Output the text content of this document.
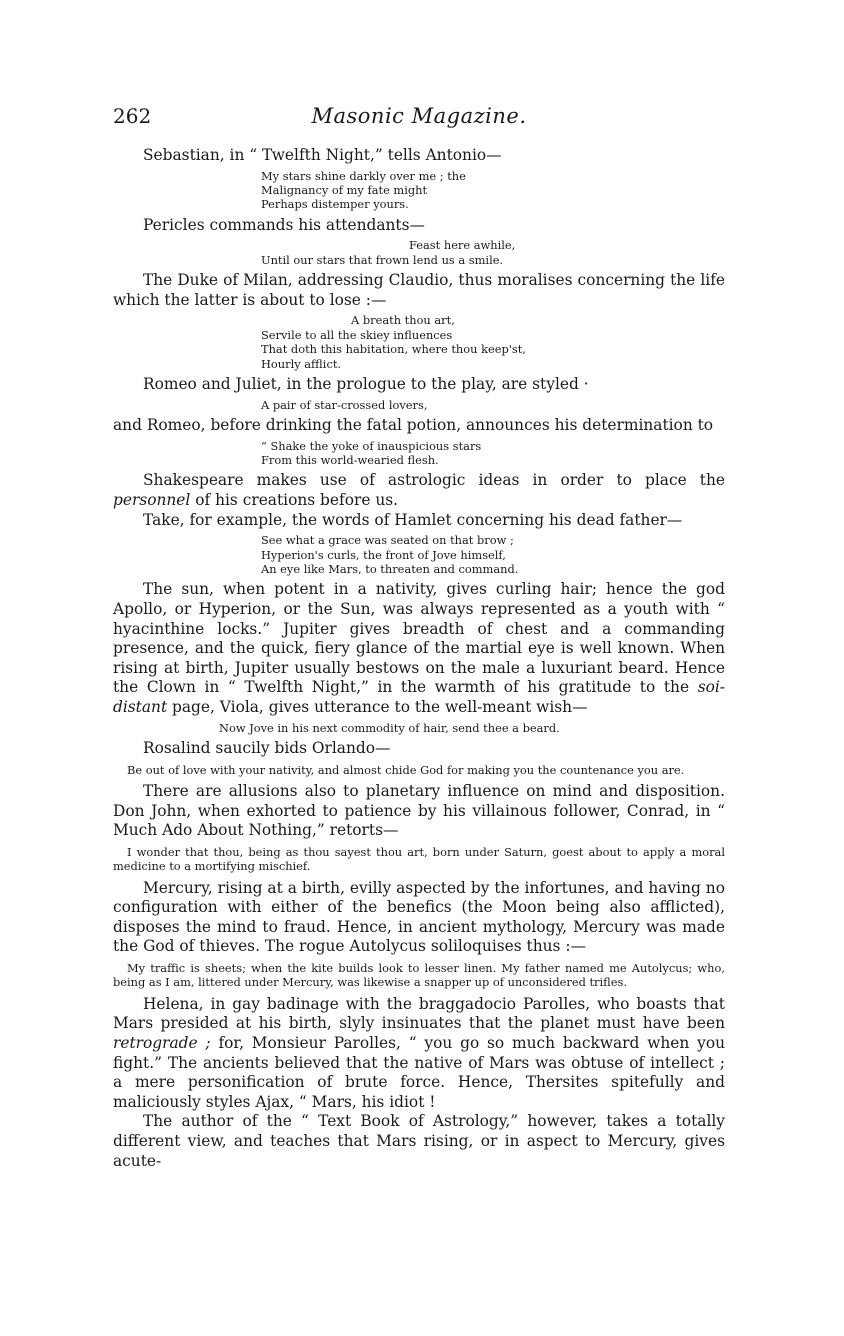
262	Masonic Magazine.

Sebastian, in “ Twelfth Night,” tells Antonio—

My stars shine darkly over me ; the
Malignancy of my fate might
Perhaps distemper yours.

Pericles commands his attendants—

Feast here awhile,
Until our stars that frown lend us a smile.

The Duke of Milan, addressing Claudio, thus moralises concerning the life which the latter is about to lose :—

A breath thou art,
Servile to all the skiey influences
That doth this habitation, where thou keep'st,
Hourly afflict.

Romeo and Juliet, in the prologue to the play, are styled ·

A pair of star-crossed lovers,

and Romeo, before drinking the fatal potion, announces his determination to

“ Shake the yoke of inauspicious stars
From this world-wearied flesh.

Shakespeare makes use of astrologic ideas in order to place the personnel of his creations before us.

Take, for example, the words of Hamlet concerning his dead father—

See what a grace was seated on that brow ;
Hyperion's curls, the front of Jove himself,
An eye like Mars, to threaten and command.

The sun, when potent in a nativity, gives curling hair; hence the god Apollo, or Hyperion, or the Sun, was always represented as a youth with “ hyacinthine locks.” Jupiter gives breadth of chest and a commanding presence, and the quick, fiery glance of the martial eye is well known. When rising at birth, Jupiter usually bestows on the male a luxuriant beard. Hence the Clown in “ Twelfth Night,” in the warmth of his gratitude to the soi-distant page, Viola, gives utterance to the well-meant wish—

Now Jove in his next commodity of hair, send thee a beard.

Rosalind saucily bids Orlando—

Be out of love with your nativity, and almost chide God for making you the countenance you are.

There are allusions also to planetary influence on mind and disposition. Don John, when exhorted to patience by his villainous follower, Conrad, in “ Much Ado About Nothing,” retorts—

I wonder that thou, being as thou sayest thou art, born under Saturn, goest about to apply a moral medicine to a mortifying mischief.

Mercury, rising at a birth, evilly aspected by the infortunes, and having no configuration with either of the benefics (the Moon being also afflicted), disposes the mind to fraud. Hence, in ancient mythology, Mercury was made the God of thieves. The rogue Autolycus soliloquises thus :—

My traffic is sheets; when the kite builds look to lesser linen. My father named me Autolycus; who, being as I am, littered under Mercury, was likewise a snapper up of unconsidered trifles.

Helena, in gay badinage with the braggadocio Parolles, who boasts that Mars presided at his birth, slyly insinuates that the planet must have been retrograde ; for, Monsieur Parolles, “ you go so much backward when you fight.” The ancients believed that the native of Mars was obtuse of intellect ; a mere personification of brute force. Hence, Thersites spitefully and maliciously styles Ajax, “ Mars, his idiot !

The author of the “ Text Book of Astrology,” however, takes a totally different view, and teaches that Mars rising, or in aspect to Mercury, gives acute-
